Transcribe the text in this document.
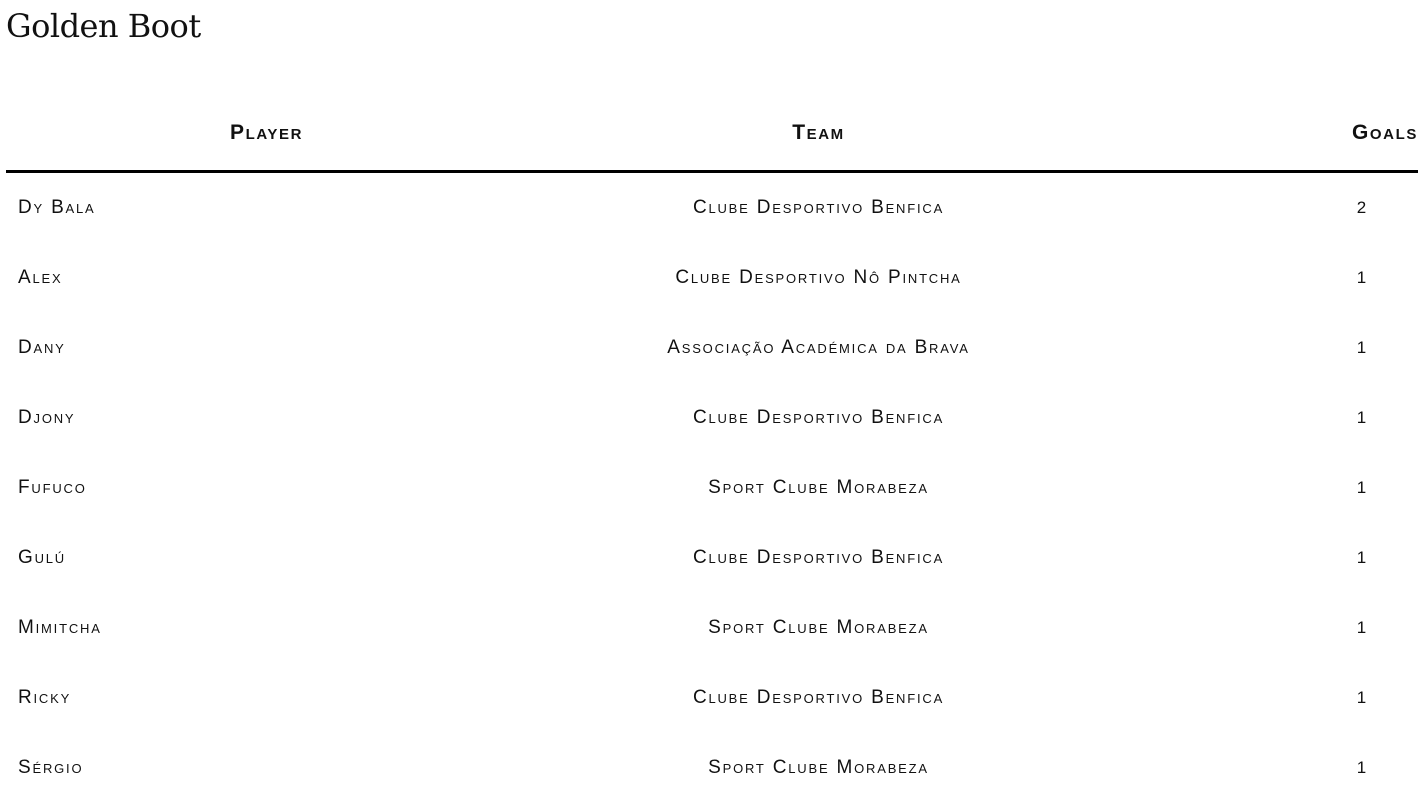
Golden Boot
Player	Team	Goals
Dy Bala	Clube Desportivo Benfica	2
Alex	Clube Desportivo Nô Pintcha	1
Dany	Associação Académica da Brava	1
Djony	Clube Desportivo Benfica	1
Fufuco	Sport Clube Morabeza	1
Gulú	Clube Desportivo Benfica	1
Mimitcha	Sport Clube Morabeza	1
Ricky	Clube Desportivo Benfica	1
Sérgio	Sport Clube Morabeza	1
